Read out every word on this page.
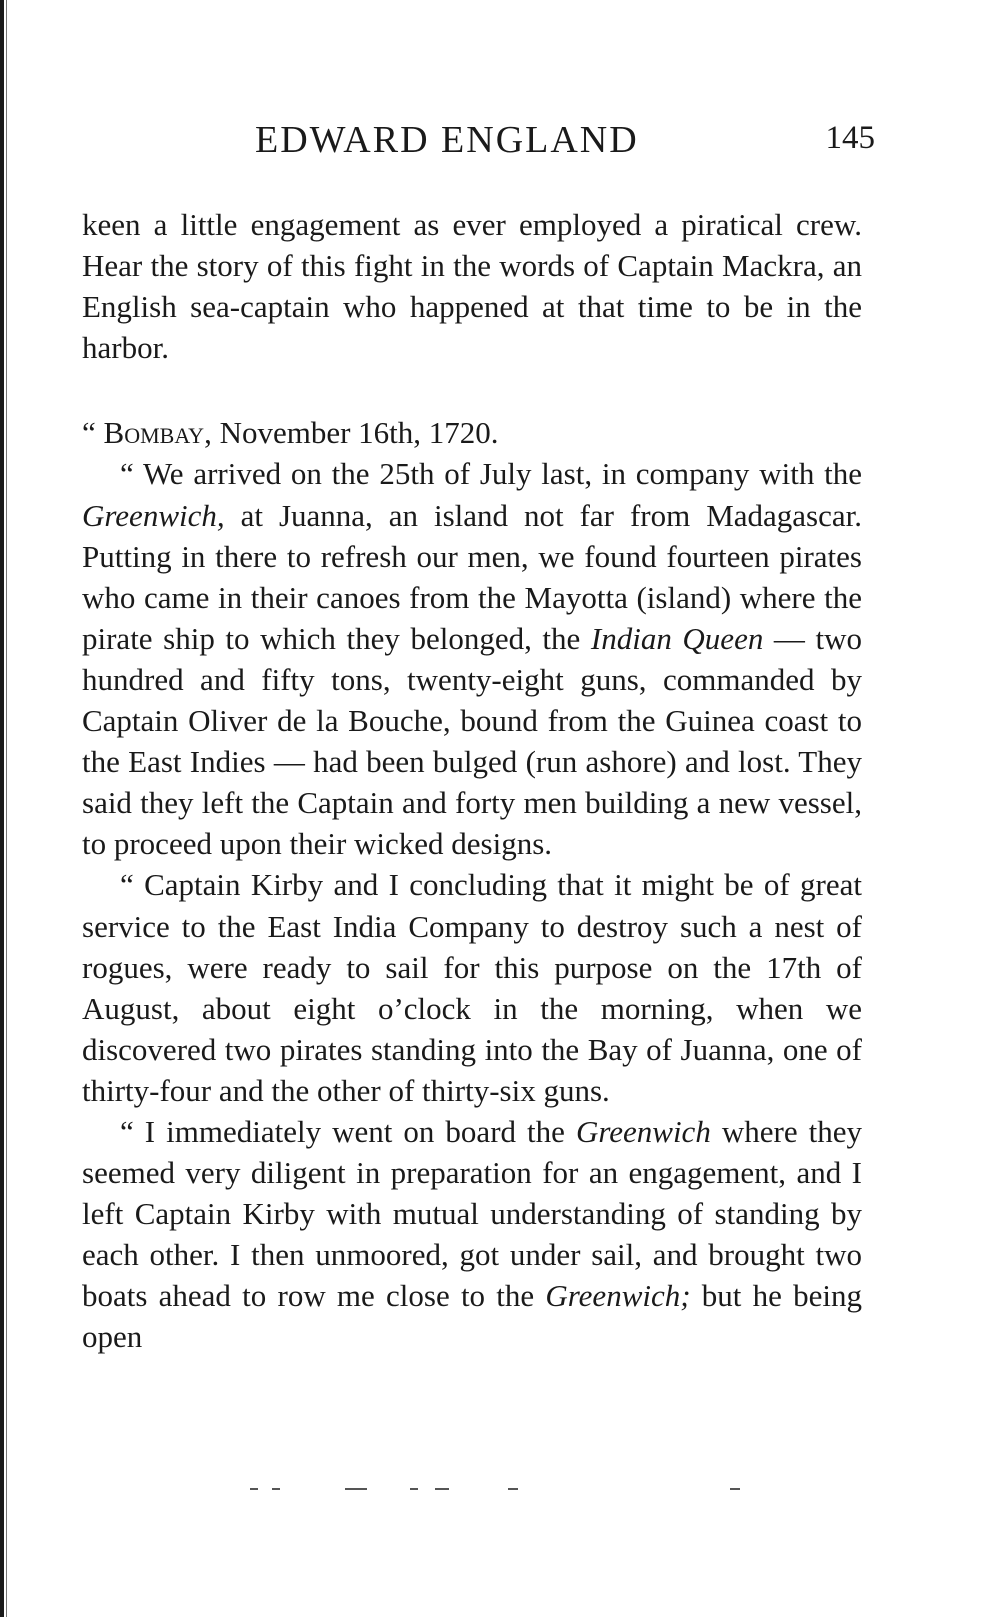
EDWARD ENGLAND	145

keen a little engagement as ever employed a piratical crew. Hear the story of this fight in the words of Captain Mackra, an English sea-captain who happened at that time to be in the harbor.

“ Bombay, November 16th, 1720.

“ We arrived on the 25th of July last, in company with the Greenwich, at Juanna, an island not far from Madagascar. Putting in there to refresh our men, we found fourteen pirates who came in their canoes from the Mayotta (island) where the pirate ship to which they belonged, the Indian Queen — two hundred and fifty tons, twenty-eight guns, commanded by Captain Oliver de la Bouche, bound from the Guinea coast to the East Indies — had been bulged (run ashore) and lost. They said they left the Captain and forty men building a new vessel, to proceed upon their wicked designs.

“ Captain Kirby and I concluding that it might be of great service to the East India Company to destroy such a nest of rogues, were ready to sail for this purpose on the 17th of August, about eight o’clock in the morning, when we discovered two pirates standing into the Bay of Juanna, one of thirty-four and the other of thirty-six guns.

“ I immediately went on board the Greenwich where they seemed very diligent in preparation for an engagement, and I left Captain Kirby with mutual understanding of standing by each other. I then unmoored, got under sail, and brought two boats ahead to row me close to the Greenwich; but he being open
